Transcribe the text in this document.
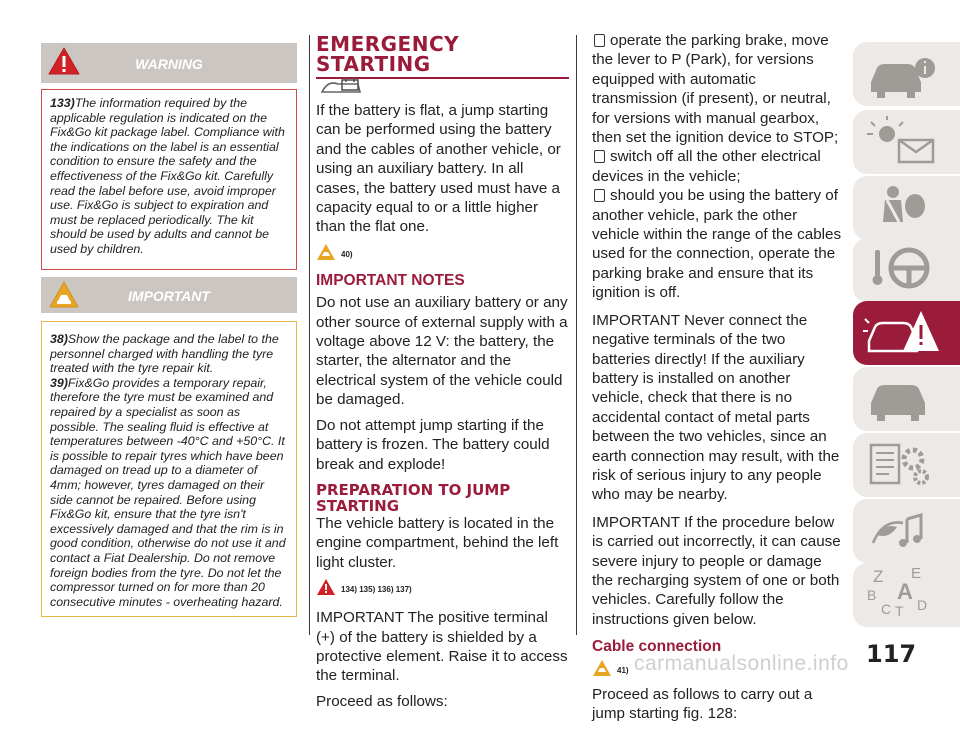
WARNING

133)The information required by the applicable regulation is indicated on the Fix&Go kit package label. Compliance with the indications on the label is an essential condition to ensure the safety and the effectiveness of the Fix&Go kit. Carefully read the label before use, avoid improper use. Fix&Go is subject to expiration and must be replaced periodically. The kit should be used by adults and cannot be used by children.

IMPORTANT

38)Show the package and the label to the personnel charged with handling the tyre treated with the tyre repair kit.

39)Fix&Go provides a temporary repair, therefore the tyre must be examined and repaired by a specialist as soon as possible. The sealing fluid is effective at temperatures between -40°C and +50°C. It is possible to repair tyres which have been damaged on tread up to a diameter of 4mm; however, tyres damaged on their side cannot be repaired. Before using Fix&Go kit, ensure that the tyre isn't excessively damaged and that the rim is in good condition, otherwise do not use it and contact a Fiat Dealership. Do not remove foreign bodies from the tyre. Do not let the compressor turned on for more than 20 consecutive minutes - overheating hazard.

EMERGENCY
STARTING

If the battery is flat, a jump starting can be performed using the battery and the cables of another vehicle, or using an auxiliary battery. In all cases, the battery used must have a capacity equal to or a little higher than the flat one.

40)
IMPORTANT NOTES

Do not use an auxiliary battery or any other source of external supply with a voltage above 12 V: the battery, the starter, the alternator and the electrical system of the vehicle could be damaged.

Do not attempt jump starting if the battery is frozen. The battery could break and explode!

PREPARATION TO JUMP
STARTING

The vehicle battery is located in the engine compartment, behind the left light cluster.

134) 135) 136) 137)

IMPORTANT The positive terminal (+) of the battery is shielded by a protective element. Raise it to access the terminal.

Proceed as follows:

operate the parking brake, move the lever to P (Park), for versions equipped with automatic transmission (if present), or neutral, for versions with manual gearbox, then set the ignition device to STOP;
switch off all the other electrical devices in the vehicle;
should you be using the battery of another vehicle, park the other vehicle within the range of the cables used for the connection, operate the parking brake and ensure that its ignition is off.

IMPORTANT Never connect the negative terminals of the two batteries directly! If the auxiliary battery is installed on another vehicle, check that there is no accidental contact of metal parts between the two vehicles, since an earth connection may result, with the risk of serious injury to any people who may be nearby.

IMPORTANT If the procedure below is carried out incorrectly, it can cause severe injury to people or damage the recharging system of one or both vehicles. Carefully follow the instructions given below.

Cable connection
41)

Proceed as follows to carry out a jump starting fig. 128:

Z E
B A
C T D
117
carmanualsonline.info
